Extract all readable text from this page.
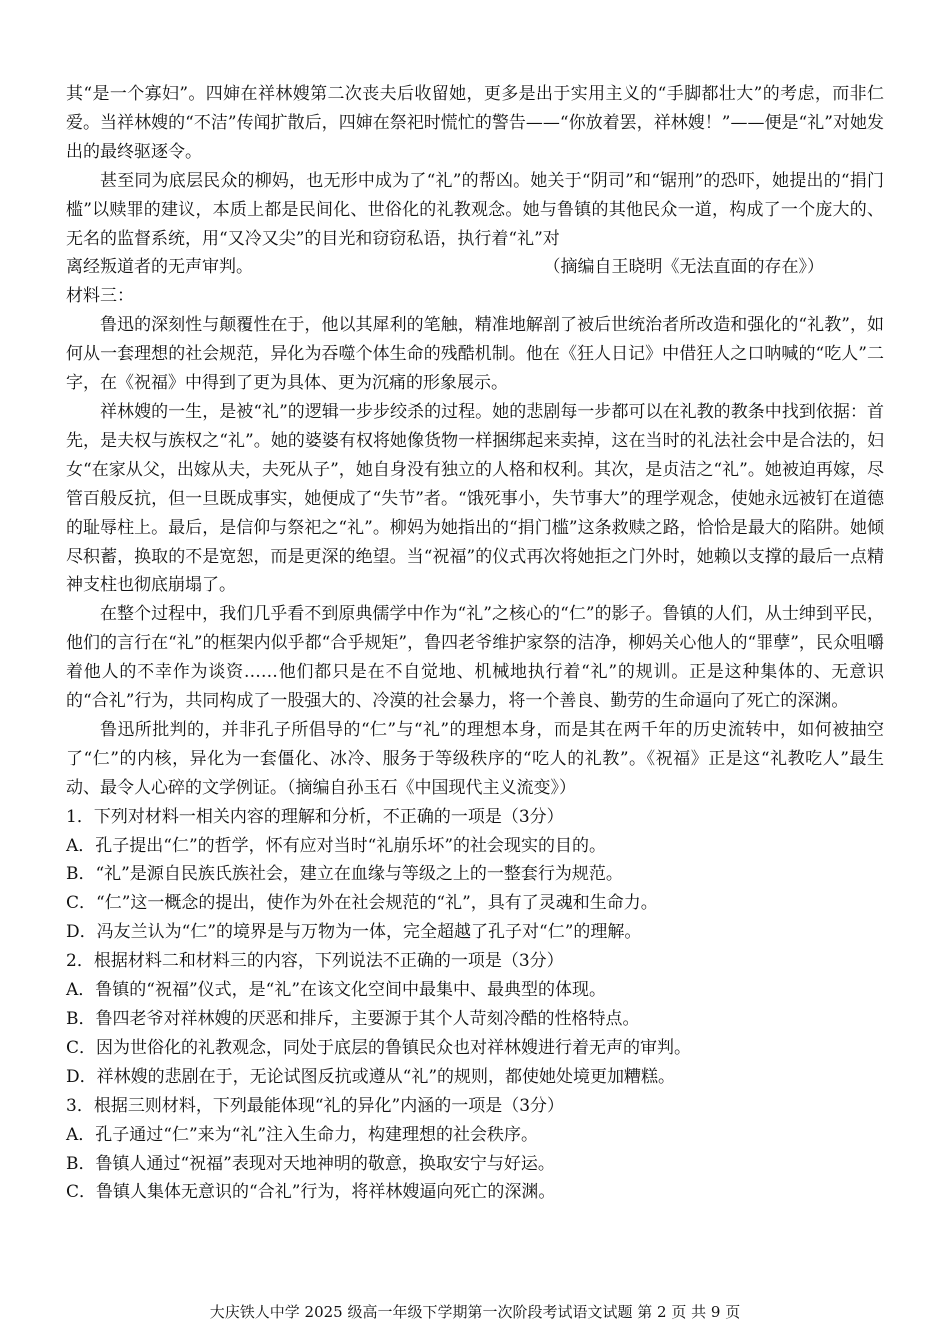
其“是一个寡妇”。四婶在祥林嫂第二次丧夫后收留她，更多是出于实用主义的“手脚都壮大”的考虑，而非仁爱。当祥林嫂的“不洁”传闻扩散后，四婶在祭祀时慌忙的警告——“你放着罢，祥林嫂！”——便是“礼”对她发出的最终驱逐令。

甚至同为底层民众的柳妈，也无形中成为了“礼”的帮凶。她关于“阴司”和“锯刑”的恐吓，她提出的“捐门槛”以赎罪的建议，本质上都是民间化、世俗化的礼教观念。她与鲁镇的其他民众一道，构成了一个庞大的、无名的监督系统，用“又冷又尖”的目光和窃窃私语，执行着“礼”对

离经叛道者的无声审判。	（摘编自王晓明《无法直面的存在》）

材料三：

鲁迅的深刻性与颠覆性在于，他以其犀利的笔触，精准地解剖了被后世统治者所改造和强化的“礼教”，如何从一套理想的社会规范，异化为吞噬个体生命的残酷机制。他在《狂人日记》中借狂人之口呐喊的“吃人”二字，在《祝福》中得到了更为具体、更为沉痛的形象展示。

祥林嫂的一生，是被“礼”的逻辑一步步绞杀的过程。她的悲剧每一步都可以在礼教的教条中找到依据：首先，是夫权与族权之“礼”。她的婆婆有权将她像货物一样捆绑起来卖掉，这在当时的礼法社会中是合法的，妇女“在家从父，出嫁从夫，夫死从子”，她自身没有独立的人格和权利。其次，是贞洁之“礼”。她被迫再嫁，尽管百般反抗，但一旦既成事实，她便成了“失节”者。“饿死事小，失节事大”的理学观念，使她永远被钉在道德的耻辱柱上。最后，是信仰与祭祀之“礼”。柳妈为她指出的“捐门槛”这条救赎之路，恰恰是最大的陷阱。她倾尽积蓄，换取的不是宽恕，而是更深的绝望。当“祝福”的仪式再次将她拒之门外时，她赖以支撑的最后一点精神支柱也彻底崩塌了。

在整个过程中，我们几乎看不到原典儒学中作为“礼”之核心的“仁”的影子。鲁镇的人们，从士绅到平民，他们的言行在“礼”的框架内似乎都“合乎规矩”，鲁四老爷维护家祭的洁净，柳妈关心他人的“罪孽”，民众咀嚼着他人的不幸作为谈资……他们都只是在不自觉地、机械地执行着“礼”的规训。正是这种集体的、无意识的“合礼”行为，共同构成了一股强大的、冷漠的社会暴力，将一个善良、勤劳的生命逼向了死亡的深渊。

鲁迅所批判的，并非孔子所倡导的“仁”与“礼”的理想本身，而是其在两千年的历史流转中，如何被抽空了“仁”的内核，异化为一套僵化、冰冷、服务于等级秩序的“吃人的礼教”。《祝福》正是这“礼教吃人”最生动、最令人心碎的文学例证。（摘编自孙玉石《中国现代主义流变》）

1．下列对材料一相关内容的理解和分析，不正确的一项是（3分）

A．孔子提出“仁”的哲学，怀有应对当时“礼崩乐坏”的社会现实的目的。

B．“礼”是源自民族氏族社会，建立在血缘与等级之上的一整套行为规范。

C．“仁”这一概念的提出，使作为外在社会规范的“礼”，具有了灵魂和生命力。

D．冯友兰认为“仁”的境界是与万物为一体，完全超越了孔子对“仁”的理解。

2．根据材料二和材料三的内容，下列说法不正确的一项是（3分）

A．鲁镇的“祝福”仪式，是“礼”在该文化空间中最集中、最典型的体现。

B．鲁四老爷对祥林嫂的厌恶和排斥，主要源于其个人苛刻冷酷的性格特点。

C．因为世俗化的礼教观念，同处于底层的鲁镇民众也对祥林嫂进行着无声的审判。

D．祥林嫂的悲剧在于，无论试图反抗或遵从“礼”的规则，都使她处境更加糟糕。

3．根据三则材料，下列最能体现“礼的异化”内涵的一项是（3分）

A．孔子通过“仁”来为“礼”注入生命力，构建理想的社会秩序。

B．鲁镇人通过“祝福”表现对天地神明的敬意，换取安宁与好运。

C．鲁镇人集体无意识的“合礼”行为，将祥林嫂逼向死亡的深渊。

大庆铁人中学 2025 级高一年级下学期第一次阶段考试语文试题 第 2 页 共 9 页
